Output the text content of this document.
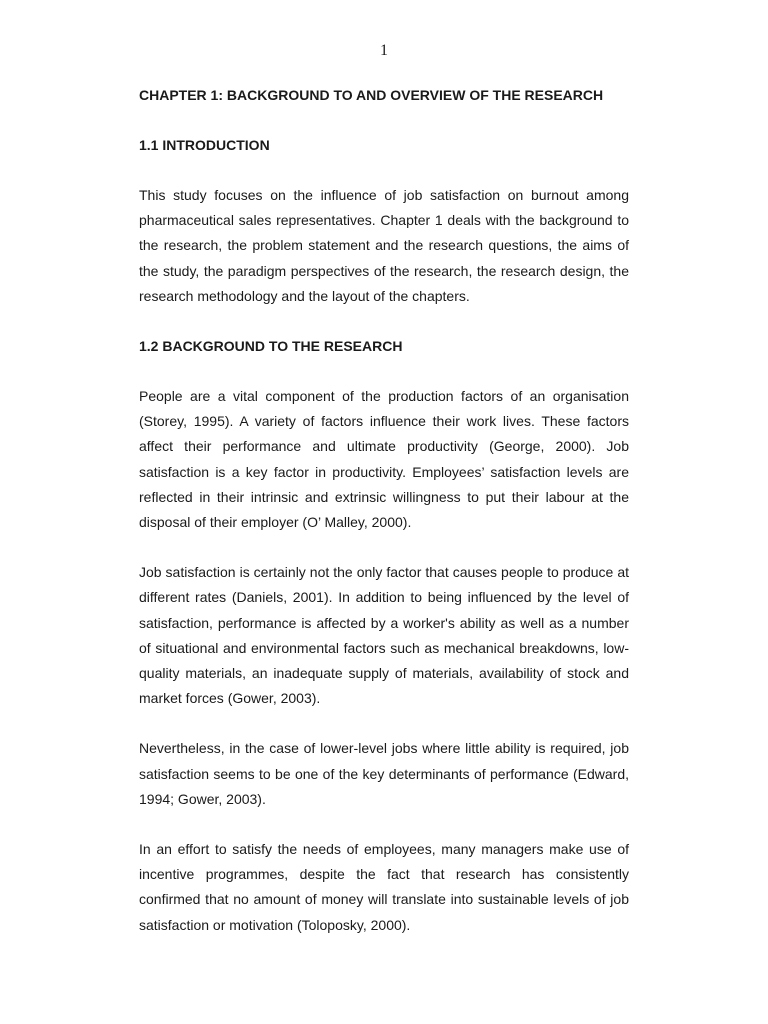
1
CHAPTER 1: BACKGROUND TO AND OVERVIEW OF THE RESEARCH
1.1 INTRODUCTION

This study focuses on the influence of job satisfaction on burnout among pharmaceutical sales representatives. Chapter 1 deals with the background to the research, the problem statement and the research questions, the aims of the study, the paradigm perspectives of the research, the research design, the research methodology and the layout of the chapters.

1.2 BACKGROUND TO THE RESEARCH

People are a vital component of the production factors of an organisation (Storey, 1995). A variety of factors influence their work lives. These factors affect their performance and ultimate productivity (George, 2000). Job satisfaction is a key factor in productivity. Employees’ satisfaction levels are reflected in their intrinsic and extrinsic willingness to put their labour at the disposal of their employer (O’ Malley, 2000).

Job satisfaction is certainly not the only factor that causes people to produce at different rates (Daniels, 2001). In addition to being influenced by the level of satisfaction, performance is affected by a worker's ability as well as a number of situational and environmental factors such as mechanical breakdowns, low-quality materials, an inadequate supply of materials, availability of stock and market forces (Gower, 2003).

Nevertheless, in the case of lower-level jobs where little ability is required, job satisfaction seems to be one of the key determinants of performance (Edward, 1994; Gower, 2003).

In an effort to satisfy the needs of employees, many managers make use of incentive programmes, despite the fact that research has consistently confirmed that no amount of money will translate into sustainable levels of job satisfaction or motivation (Toloposky, 2000).
